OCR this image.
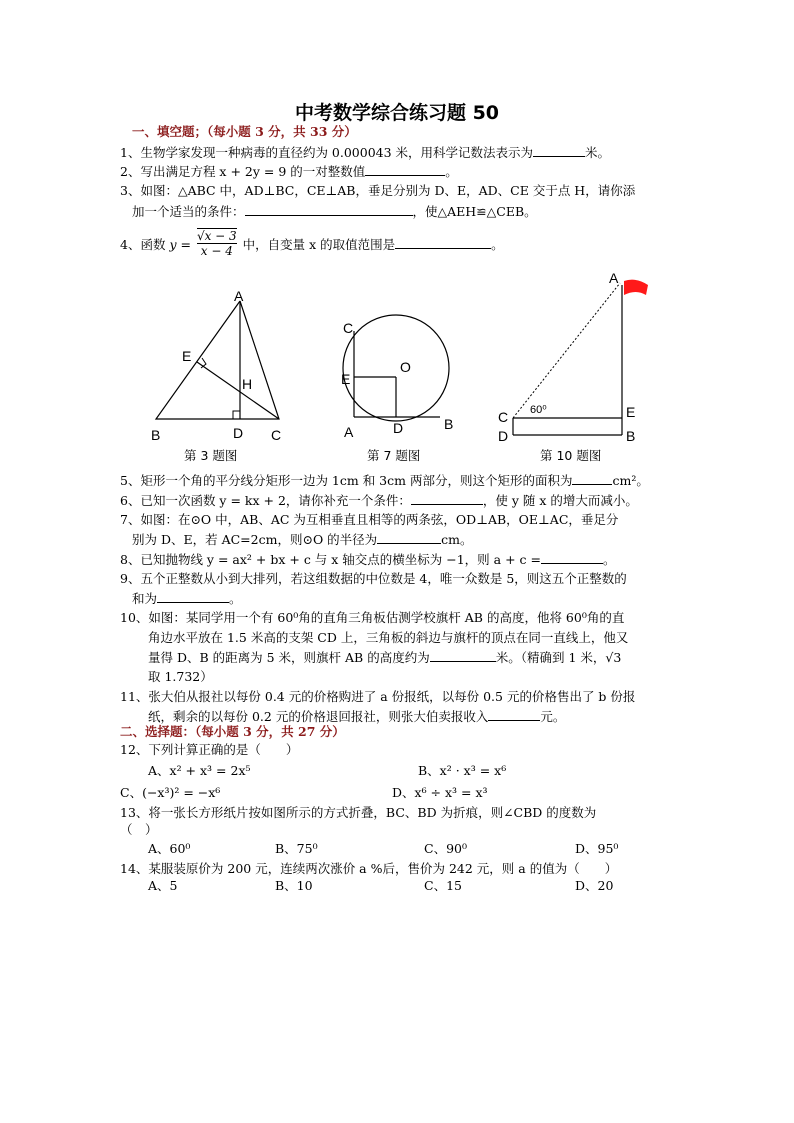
中考数学综合练习题 50
一、填空题；（每小题 3 分，共 33 分）
1、生物学家发现一种病毒的直径约为 0.000043 米，用科学记数法表示为	米。
2、写出满足方程 x + 2y = 9 的一对整数值	。
3、如图：△ABC 中，AD⊥BC，CE⊥AB，垂足分别为 D、E，AD、CE 交于点 H，请你添
加一个适当的条件：	，使△AEH≌△CEB。
4、函数 $y = \frac{√x - 3}{x - 4}$ 中，自变量 x 的取值范围是	。
A
E
H
B	D C
第 3 题图
C
E
O
A	D	B
第 7 题图
A
C
D
E
B
60⁰
第 10 题图
5、矩形一个角的平分线分矩形一边为 1cm 和 3cm 两部分，则这个矩形的面积为	cm²。
6、已知一次函数 y = kx + 2，请你补充一个条件：	，使 y 随 x 的增大而减小。
7、如图：在⊙O 中，AB、AC 为互相垂直且相等的两条弦，OD⊥AB，OE⊥AC，垂足分
别为 D、E，若 AC=2cm，则⊙O 的半径为	cm。
8、已知抛物线 y = ax² + bx + c 与 x 轴交点的横坐标为 −1，则 a + c =	。
9、五个正整数从小到大排列，若这组数据的中位数是 4，唯一众数是 5，则这五个正整数的
和为	。
10、如图：某同学用一个有 60⁰角的直角三角板估测学校旗杆 AB 的高度，他将 60⁰角的直
角边水平放在 1.5 米高的支架 CD 上，三角板的斜边与旗杆的顶点在同一直线上，他又
量得 D、B 的距离为 5 米，则旗杆 AB 的高度约为	米。（精确到 1 米，√3
取 1.732）
11、张大伯从报社以每份 0.4 元的价格购进了 a 份报纸，以每份 0.5 元的价格售出了 b 份报
纸，剩余的以每份 0.2 元的价格退回报社，则张大伯卖报收入	元。
二、选择题：（每小题 3 分，共 27 分）
12、下列计算正确的是（　　）
A、x² + x³ = 2x⁵	B、x² · x³ = x⁶
C、(−x³)² = −x⁶	D、x⁶ ÷ x³ = x³
13、将一张长方形纸片按如图所示的方式折叠，BC、BD 为折痕，则∠CBD 的度数为
（　）
A、60⁰	B、75⁰	C、90⁰	D、95⁰
14、某服装原价为 200 元，连续两次涨价 a %后，售价为 242 元，则 a 的值为（　　）
A、5	B、10	C、15	D、20
